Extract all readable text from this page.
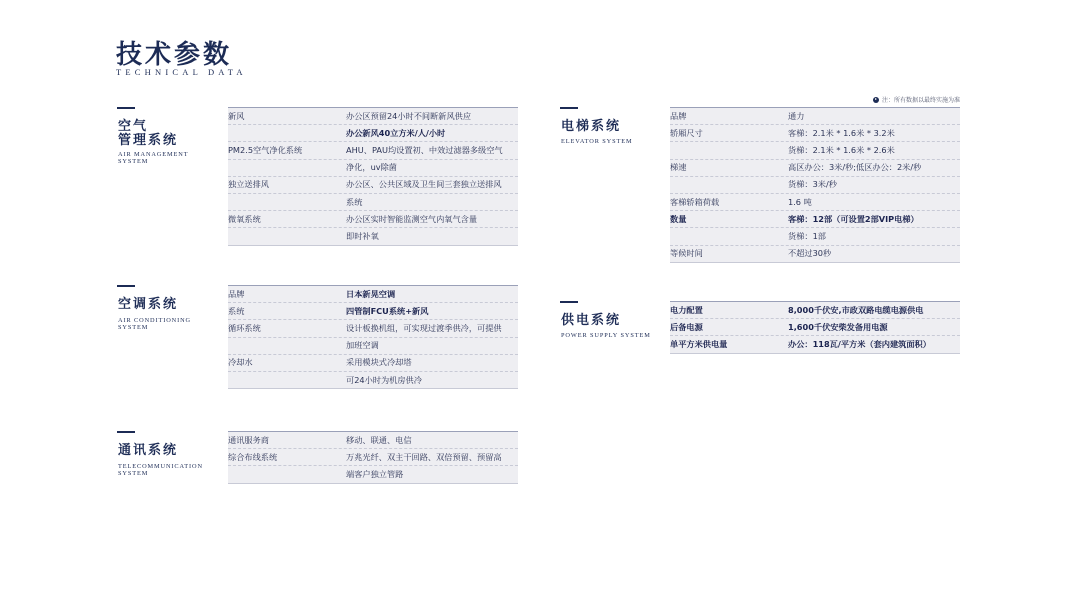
技术参数
TECHNICAL DATA
注：所有数据以最终实施为准
空气
管理系统
AIR MANAGEMENT
SYSTEM
新风	办公区预留24小时不间断新风供应
办公新风40立方米/人/小时
PM2.5空气净化系统	AHU、PAU均设置初、中效过滤器多级空气
净化，uv除菌
独立送排风	办公区、公共区域及卫生间三套独立送排风
系统
微氧系统	办公区实时智能监测空气内氧气含量
即时补氧
空调系统
AIR CONDITIONING
SYSTEM
品牌	日本新晃空调
系统	四管制FCU系统+新风
循环系统	设计板换机组，可实现过渡季供冷，可提供
加班空调
冷却水	采用模块式冷却塔
可24小时为机房供冷
通讯系统
TELECOMMUNICATION
SYSTEM
通讯服务商	移动、联通、电信
综合布线系统	万兆光纤、双主干回路、双倍预留、预留高
端客户独立管路
电梯系统
ELEVATOR SYSTEM
品牌	通力
轿厢尺寸	客梯：2.1米 * 1.6米 * 3.2米
货梯：2.1米 * 1.6米 * 2.6米
梯速	高区办公：3米/秒;低区办公：2米/秒
货梯：3米/秒
客梯轿箱荷载	1.6 吨
数量	客梯：12部（可设置2部VIP电梯）
货梯：1部
等候时间	不超过30秒
供电系统
POWER SUPPLY SYSTEM
电力配置	8,000千伏安,市政双路电缆电源供电
后备电源	1,600千伏安柴发备用电源
单平方米供电量	办公：118瓦/平方米（套内建筑面积）
